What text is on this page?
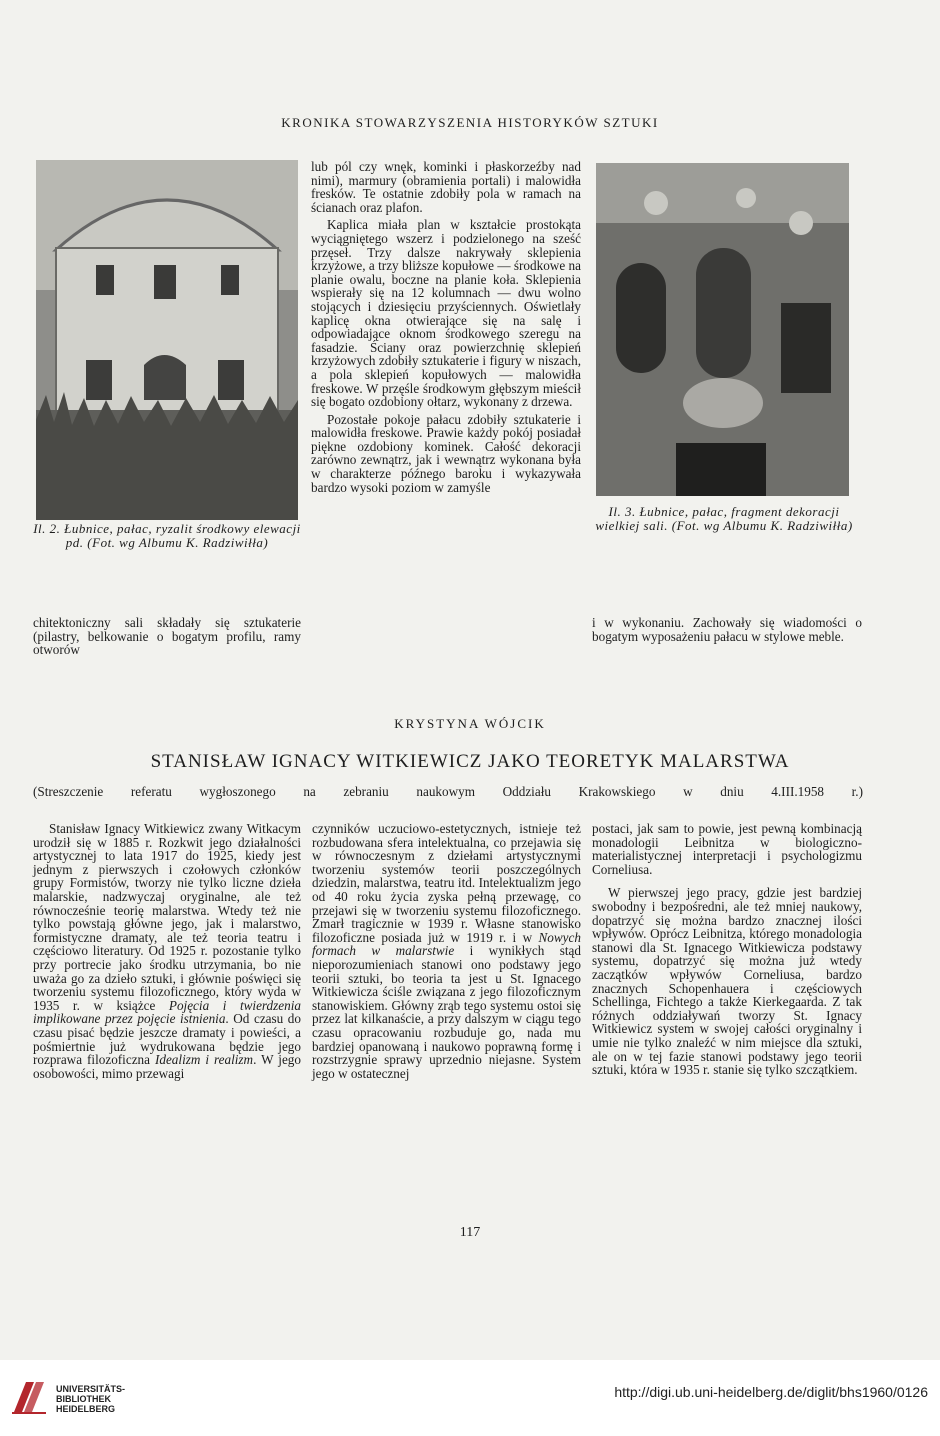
KRONIKA STOWARZYSZENIA HISTORYKÓW SZTUKI
Il. 2. Łubnice, pałac, ryzalit środkowy elewacji pd. (Fot. wg Albumu K. Radziwiłła)
Il. 3. Łubnice, pałac, fragment dekoracji wielkiej sali. (Fot. wg Albumu K. Radziwiłła)

lub pól czy wnęk, kominki i płaskorzeźby nad nimi), marmury (obramienia portali) i malowidła fresków. Te ostatnie zdobiły pola w ramach na ścianach oraz plafon.

Kaplica miała plan w kształcie prostokąta wyciągniętego wszerz i podzielonego na sześć przęseł. Trzy dalsze nakrywały sklepienia krzyżowe, a trzy bliższe kopułowe — środkowe na planie owalu, boczne na planie koła. Sklepienia wspierały się na 12 kolumnach — dwu wolno stojących i dziesięciu przyściennych. Oświetlały kaplicę okna otwierające się na salę i odpowiadające oknom środkowego szeregu na fasadzie. Ściany oraz powierzchnię sklepień krzyżowych zdobiły sztukaterie i figury w niszach, a pola sklepień kopułowych — malowidła freskowe. W przęśle środkowym głębszym mieścił się bogato ozdobiony ołtarz, wykonany z drzewa.

Pozostałe pokoje pałacu zdobiły sztukaterie i malowidła freskowe. Prawie każdy pokój posiadał piękne ozdobiony kominek. Całość dekoracji zarówno zewnątrz, jak i wewnątrz wykonana była w charakterze późnego baroku i wykazywała bardzo wysoki poziom w zamyśle

chitektoniczny sali składały się sztukaterie (pilastry, belkowanie o bogatym profilu, ramy otworów

i w wykonaniu. Zachowały się wiadomości o bogatym wyposażeniu pałacu w stylowe meble.

KRYSTYNA WÓJCIK
STANISŁAW IGNACY WITKIEWICZ JAKO TEORETYK MALARSTWA
(Streszczenie referatu wygłoszonego na zebraniu naukowym Oddziału Krakowskiego w dniu 4.III.1958 r.)

Stanisław Ignacy Witkiewicz zwany Witkacym urodził się w 1885 r. Rozkwit jego działalności artystycznej to lata 1917 do 1925, kiedy jest jednym z pierwszych i czołowych członków grupy Formistów, tworzy nie tylko liczne dzieła malarskie, nadzwyczaj oryginalne, ale też równocześnie teorię malarstwa. Wtedy też nie tylko powstają główne jego, jak i malarstwo, formistyczne dramaty, ale też teoria teatru i częściowo literatury. Od 1925 r. pozostanie tylko przy portrecie jako środku utrzymania, bo nie uważa go za dzieło sztuki, i głównie poświęci się tworzeniu systemu filozoficznego, który wyda w 1935 r. w książce Pojęcia i twierdzenia implikowane przez pojęcie istnienia. Od czasu do czasu pisać będzie jeszcze dramaty i powieści, a pośmiertnie już wydrukowana będzie jego rozprawa filozoficzna Idealizm i realizm. W jego osobowości, mimo przewagi

czynników uczuciowo-estetycznych, istnieje też rozbudowana sfera intelektualna, co przejawia się w równoczesnym z dziełami artystycznymi tworzeniu systemów teorii poszczególnych dziedzin, malarstwa, teatru itd. Intelektualizm jego od 40 roku życia zyska pełną przewagę, co przejawi się w tworzeniu systemu filozoficznego. Zmarł tragicznie w 1939 r. Własne stanowisko filozoficzne posiada już w 1919 r. i w Nowych formach w malarstwie i wynikłych stąd nieporozumieniach stanowi ono podstawy jego teorii sztuki, bo teoria ta jest u St. Ignacego Witkiewicza ściśle związana z jego filozoficznym stanowiskiem. Główny zrąb tego systemu ostoi się przez lat kilkanaście, a przy dalszym w ciągu tego czasu opracowaniu rozbuduje go, nada mu bardziej opanowaną i naukowo poprawną formę i rozstrzygnie sprawy uprzednio niejasne. System jego w ostatecznej

postaci, jak sam to powie, jest pewną kombinacją monadologii Leibnitza w biologiczno-materialistycznej interpretacji i psychologizmu Corneliusa.

W pierwszej jego pracy, gdzie jest bardziej swobodny i bezpośredni, ale też mniej naukowy, dopatrzyć się można bardzo znacznej ilości wpływów. Oprócz Leibnitza, którego monadologia stanowi dla St. Ignacego Witkiewicza podstawy systemu, dopatrzyć się można już wtedy zaczątków wpływów Corneliusa, bardzo znacznych Schopenhauera i częściowych Schellinga, Fichtego a także Kierkegaarda. Z tak różnych oddziaływań tworzy St. Ignacy Witkiewicz system w swojej całości oryginalny i umie nie tylko znaleźć w nim miejsce dla sztuki, ale on w tej fazie stanowi podstawy jego teorii sztuki, która w 1935 r. stanie się tylko szczątkiem.

117
UNIVERSITÄTS-
BIBLIOTHEK
HEIDELBERG
http://digi.ub.uni-heidelberg.de/diglit/bhs1960/0126
